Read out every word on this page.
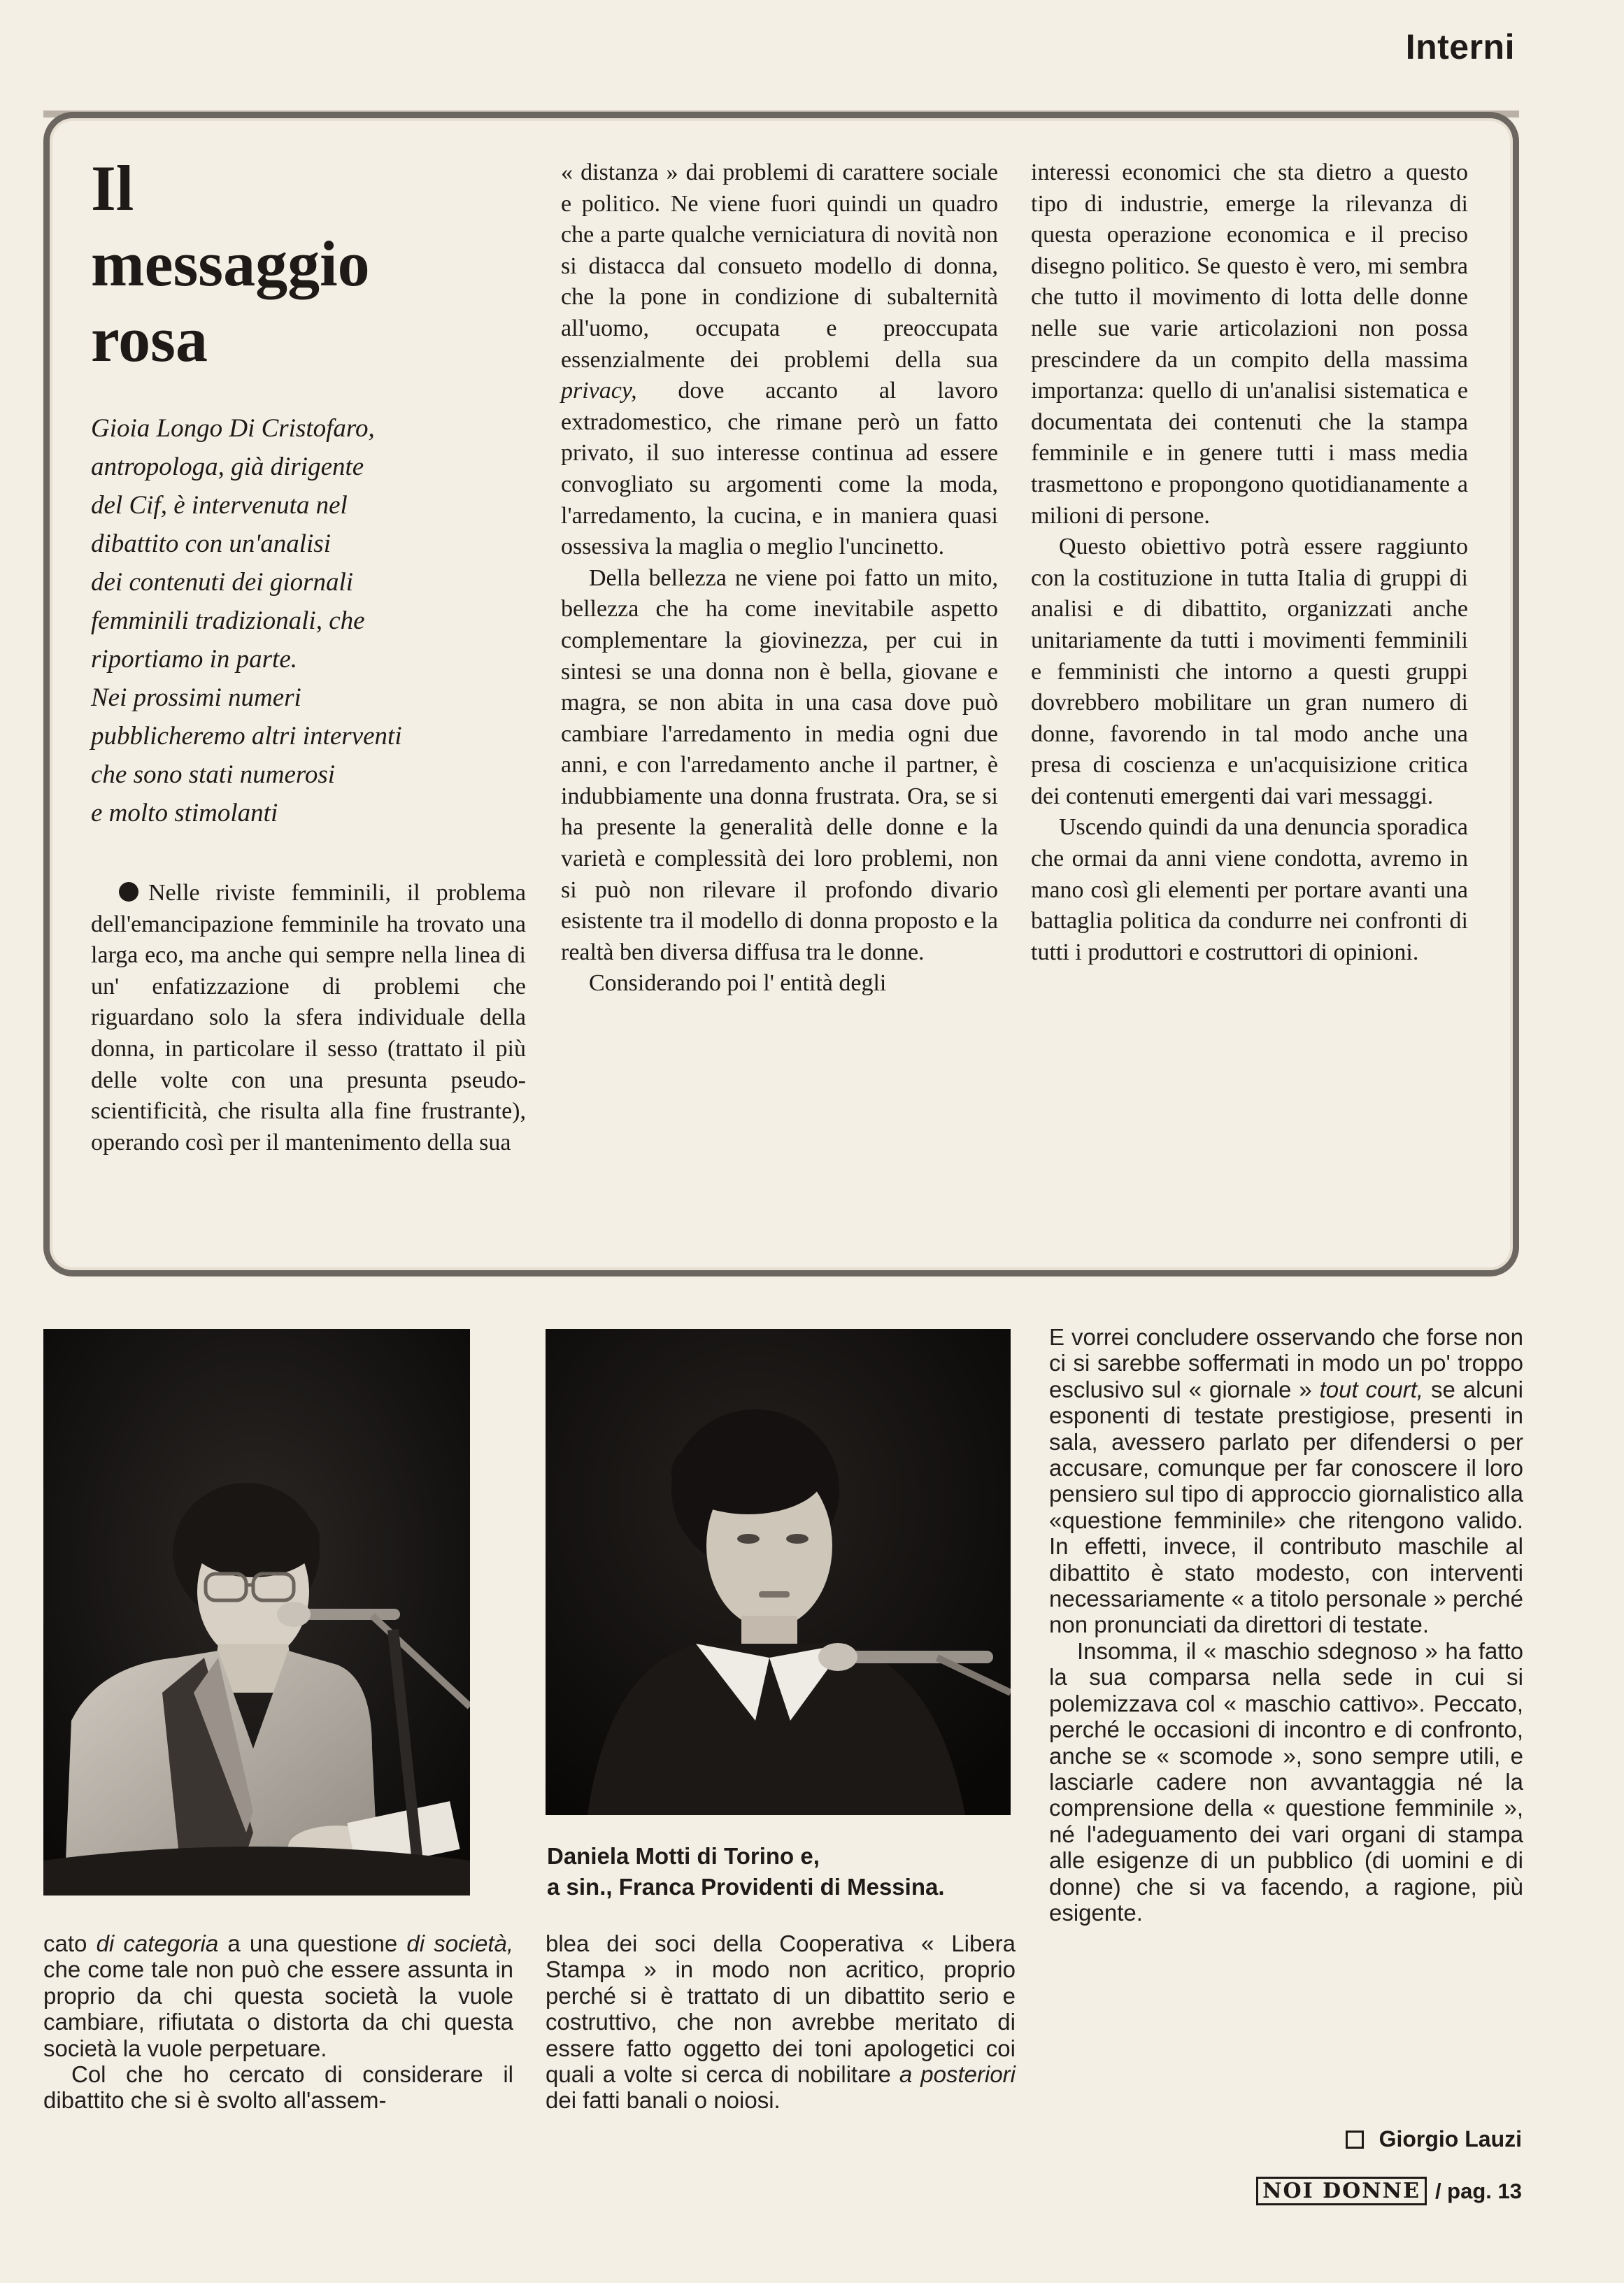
Interni
Il
messaggio
rosa
Gioia Longo Di Cristofaro,
antropologa, già dirigente
del Cif, è intervenuta nel
dibattito con un'analisi
dei contenuti dei giornali
femminili tradizionali, che
riportiamo in parte.
Nei prossimi numeri
pubblicheremo altri interventi
che sono stati numerosi
e molto stimolanti

Nelle riviste femminili, il problema dell'emancipazione femminile ha trovato una larga eco, ma anche qui sempre nella linea di un' enfatizzazione di problemi che riguardano solo la sfera individuale della donna, in particolare il sesso (trattato il più delle volte con una presunta pseudo-scientificità, che risulta alla fine frustrante), operando così per il mantenimento della sua

« distanza » dai problemi di carattere sociale e politico. Ne viene fuori quindi un quadro che a parte qualche verniciatura di novità non si distacca dal consueto modello di donna, che la pone in condizione di subalternità all'uomo, occupata e preoccupata essenzialmente dei problemi della sua privacy, dove accanto al lavoro extradomestico, che rimane però un fatto privato, il suo interesse continua ad essere convogliato su argomenti come la moda, l'arredamento, la cucina, e in maniera quasi ossessiva la maglia o meglio l'uncinetto.

Della bellezza ne viene poi fatto un mito, bellezza che ha come inevitabile aspetto complementare la giovinezza, per cui in sintesi se una donna non è bella, giovane e magra, se non abita in una casa dove può cambiare l'arredamento in media ogni due anni, e con l'arredamento anche il partner, è indubbiamente una donna frustrata. Ora, se si ha presente la generalità delle donne e la varietà e complessità dei loro problemi, non si può non rilevare il profondo divario esistente tra il modello di donna proposto e la realtà ben diversa diffusa tra le donne.

Considerando poi l' entità degli

interessi economici che sta dietro a questo tipo di industrie, emerge la rilevanza di questa operazione economica e il preciso disegno politico. Se questo è vero, mi sembra che tutto il movimento di lotta delle donne nelle sue varie articolazioni non possa prescindere da un compito della massima importanza: quello di un'analisi sistematica e documentata dei contenuti che la stampa femminile e in genere tutti i mass media trasmettono e propongono quotidianamente a milioni di persone.

Questo obiettivo potrà essere raggiunto con la costituzione in tutta Italia di gruppi di analisi e di dibattito, organizzati anche unitariamente da tutti i movimenti femminili e femministi che intorno a questi gruppi dovrebbero mobilitare un gran numero di donne, favorendo in tal modo anche una presa di coscienza e un'acquisizione critica dei contenuti emergenti dai vari messaggi.

Uscendo quindi da una denuncia sporadica che ormai da anni viene condotta, avremo in mano così gli elementi per portare avanti una battaglia politica da condurre nei confronti di tutti i produttori e costruttori di opinioni.

Daniela Motti di Torino e,
a sin., Franca Providenti di Messina.

cato di categoria a una questione di società, che come tale non può che essere assunta in proprio da chi questa società la vuole cambiare, rifiutata o distorta da chi questa società la vuole perpetuare.

Col che ho cercato di considerare il dibattito che si è svolto all'assem-

blea dei soci della Cooperativa « Libera Stampa » in modo non acritico, proprio perché si è trattato di un dibattito serio e costruttivo, che non avrebbe meritato di essere fatto oggetto dei toni apologetici coi quali a volte si cerca di nobilitare a posteriori dei fatti banali o noiosi.

E vorrei concludere osservando che forse non ci si sarebbe soffermati in modo un po' troppo esclusivo sul « giornale » tout court, se alcuni esponenti di testate prestigiose, presenti in sala, avessero parlato per difendersi o per accusare, comunque per far conoscere il loro pensiero sul tipo di approccio giornalistico alla «questione femminile» che ritengono valido. In effetti, invece, il contributo maschile al dibattito è stato modesto, con interventi necessariamente « a titolo personale » perché non pronunciati da direttori di testate.

Insomma, il « maschio sdegnoso » ha fatto la sua comparsa nella sede in cui si polemizzava col « maschio cattivo». Peccato, perché le occasioni di incontro e di confronto, anche se « scomode », sono sempre utili, e lasciarle cadere non avvantaggia né la comprensione della « questione femminile », né l'adeguamento dei vari organi di stampa alle esigenze di un pubblico (di uomini e di donne) che si va facendo, a ragione, più esigente.

Giorgio Lauzi
NOI DONNE / pag. 13
